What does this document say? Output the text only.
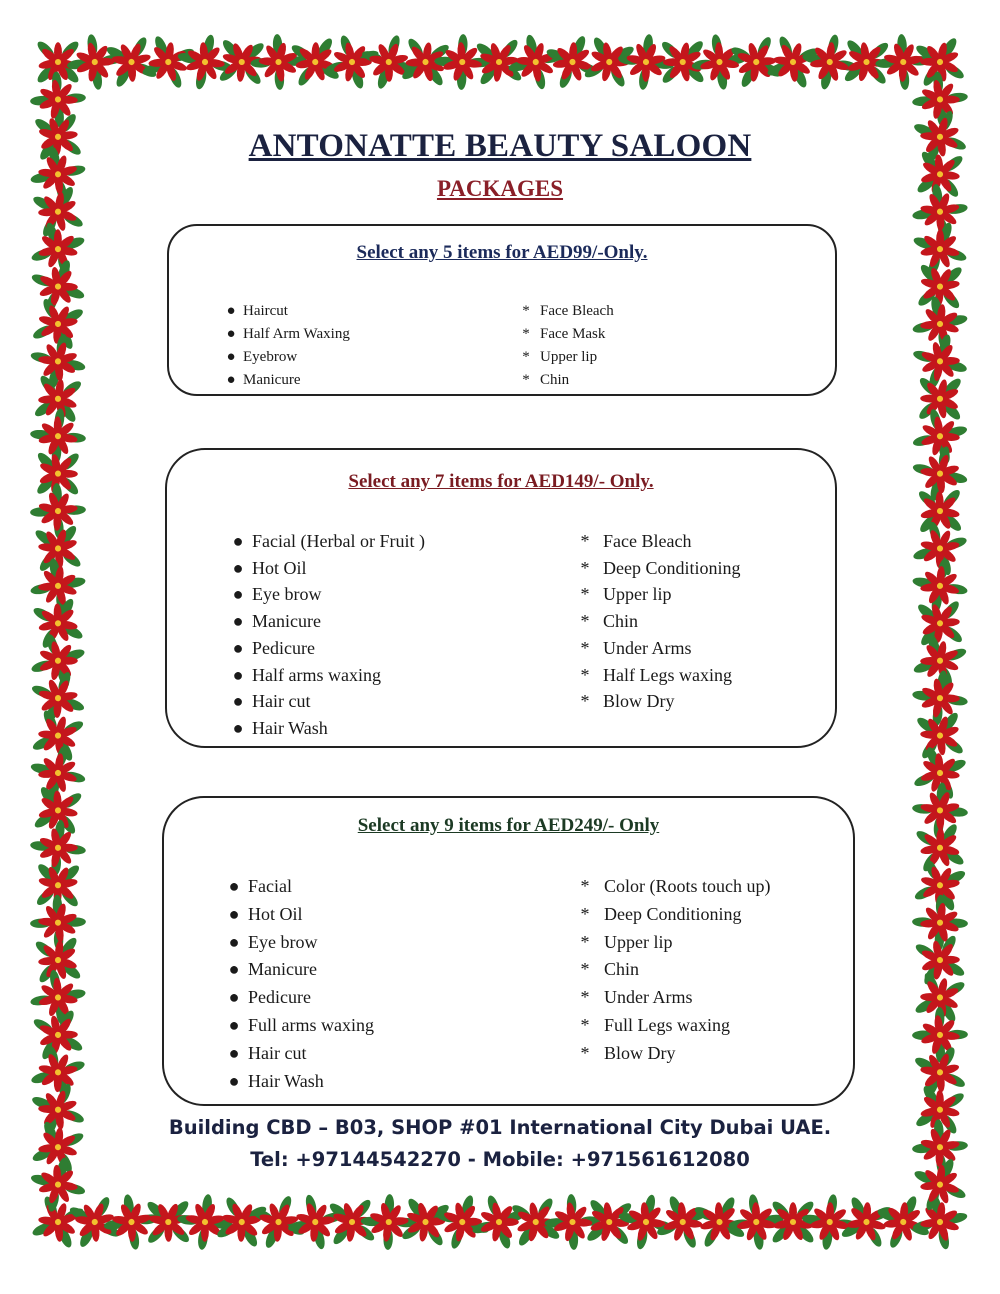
ANTONATTE BEAUTY SALOON
PACKAGES

Select any 5 items for AED99/-Only.

● Haircut
● Half Arm Waxing
● Eyebrow
● Manicure
* Face Bleach
* Face Mask
* Upper lip
* Chin

Select any 7 items for AED149/- Only.

● Facial (Herbal or Fruit )
● Hot Oil
● Eye brow
● Manicure
● Pedicure
● Half arms waxing
● Hair cut
● Hair Wash
* Face Bleach
* Deep Conditioning
* Upper lip
* Chin
* Under Arms
* Half Legs waxing
* Blow Dry

Select any 9 items for AED249/- Only

● Facial
● Hot Oil
● Eye brow
● Manicure
● Pedicure
● Full arms waxing
● Hair cut
● Hair Wash
* Color (Roots touch up)
* Deep Conditioning
* Upper lip
* Chin
* Under Arms
* Full Legs waxing
* Blow Dry
Building CBD – B03, SHOP #01 International City Dubai UAE.
Tel: +97144542270 - Mobile: +971561612080
